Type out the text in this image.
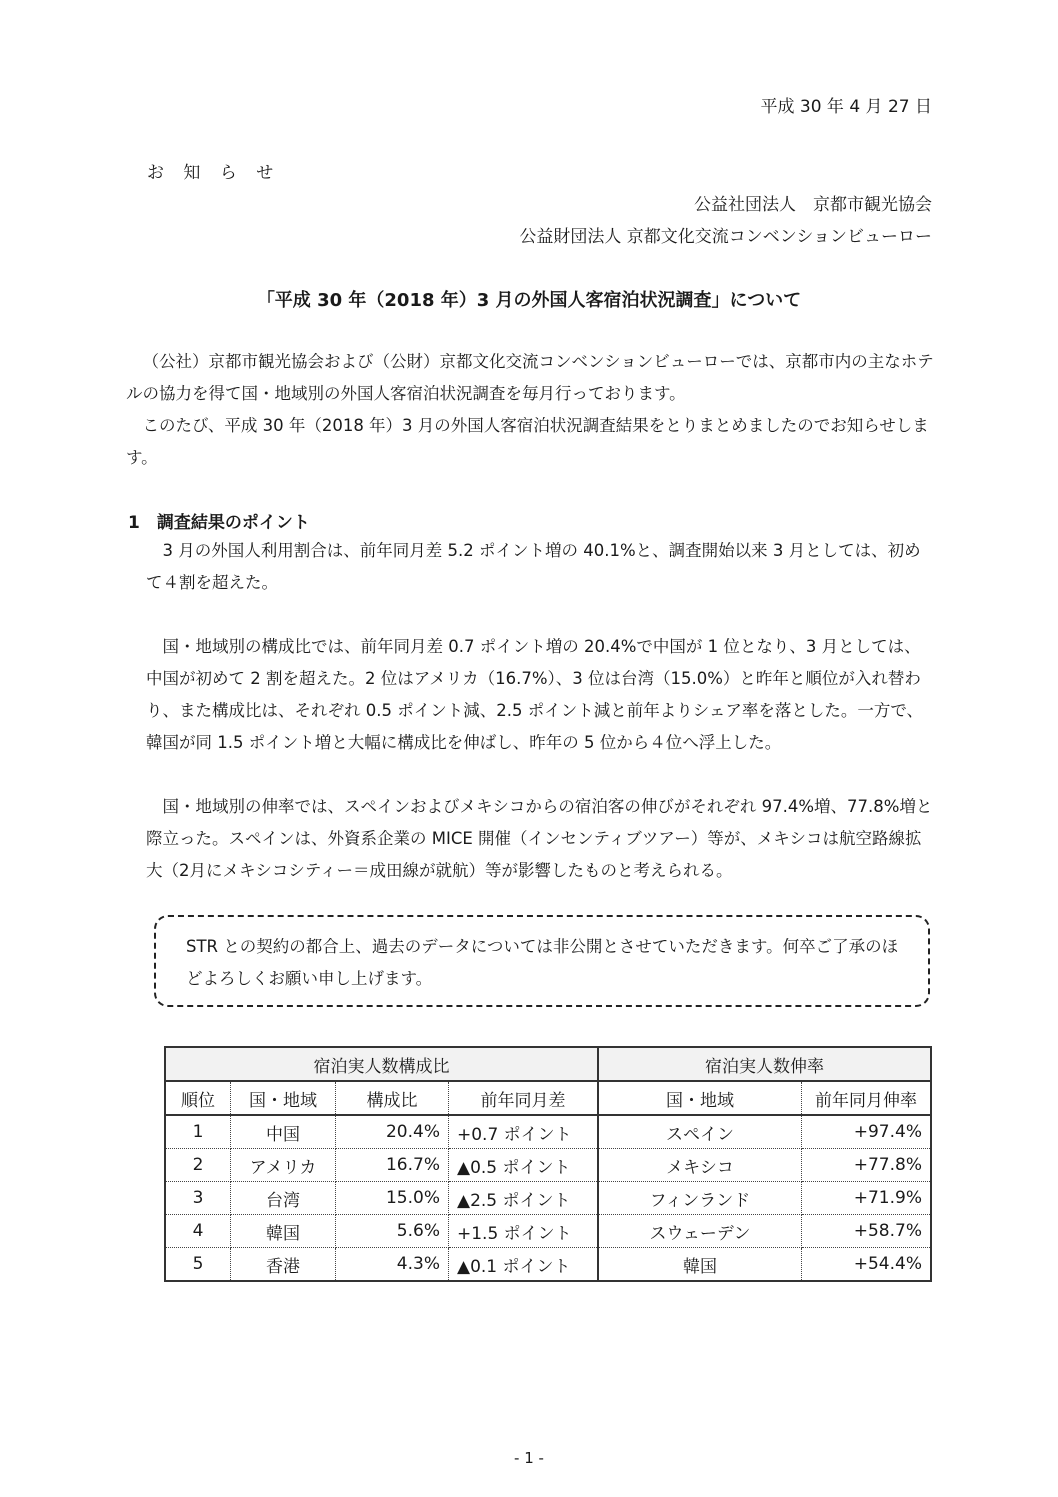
平成 30 年 4 月 27 日
お 知 ら せ
公益社団法人　京都市観光協会
公益財団法人 京都文化交流コンベンションビューロー
「平成 30 年（2018 年）3 月の外国人客宿泊状況調査」について
（公社）京都市観光協会および（公財）京都文化交流コンベンションビューローでは、京都市内の主なホテルの協力を得て国・地域別の外国人客宿泊状況調査を毎月行っております。
このたび、平成 30 年（2018 年）3 月の外国人客宿泊状況調査結果をとりまとめましたのでお知らせします。
1　調査結果のポイント
3 月の外国人利用割合は、前年同月差 5.2 ポイント増の 40.1%と、調査開始以来 3 月としては、初めて４割を超えた。
国・地域別の構成比では、前年同月差 0.7 ポイント増の 20.4%で中国が 1 位となり、3 月としては、中国が初めて 2 割を超えた。2 位はアメリカ（16.7%）、3 位は台湾（15.0%）と昨年と順位が入れ替わり、また構成比は、それぞれ 0.5 ポイント減、2.5 ポイント減と前年よりシェア率を落とした。一方で、韓国が同 1.5 ポイント増と大幅に構成比を伸ばし、昨年の 5 位から４位へ浮上した。
国・地域別の伸率では、スペインおよびメキシコからの宿泊客の伸びがそれぞれ 97.4%増、77.8%増と際立った。スペインは、外資系企業の MICE 開催（インセンティブツアー）等が、メキシコは航空路線拡大（2月にメキシコシティー＝成田線が就航）等が影響したものと考えられる。
STR との契約の都合上、過去のデータについては非公開とさせていただきます。何卒ご了承のほどよろしくお願い申し上げます。
宿泊実人数構成比				宿泊実人数伸率	
順位	国・地域	構成比	前年同月差	国・地域	前年同月伸率
1	中国	20.4%	+0.7 ポイント	スペイン	+97.4%
2	アメリカ	16.7%	▲0.5 ポイント	メキシコ	+77.8%
3	台湾	15.0%	▲2.5 ポイント	フィンランド	+71.9%
4	韓国	5.6%	+1.5 ポイント	スウェーデン	+58.7%
5	香港	4.3%	▲0.1 ポイント	韓国	+54.4%
- 1 -
